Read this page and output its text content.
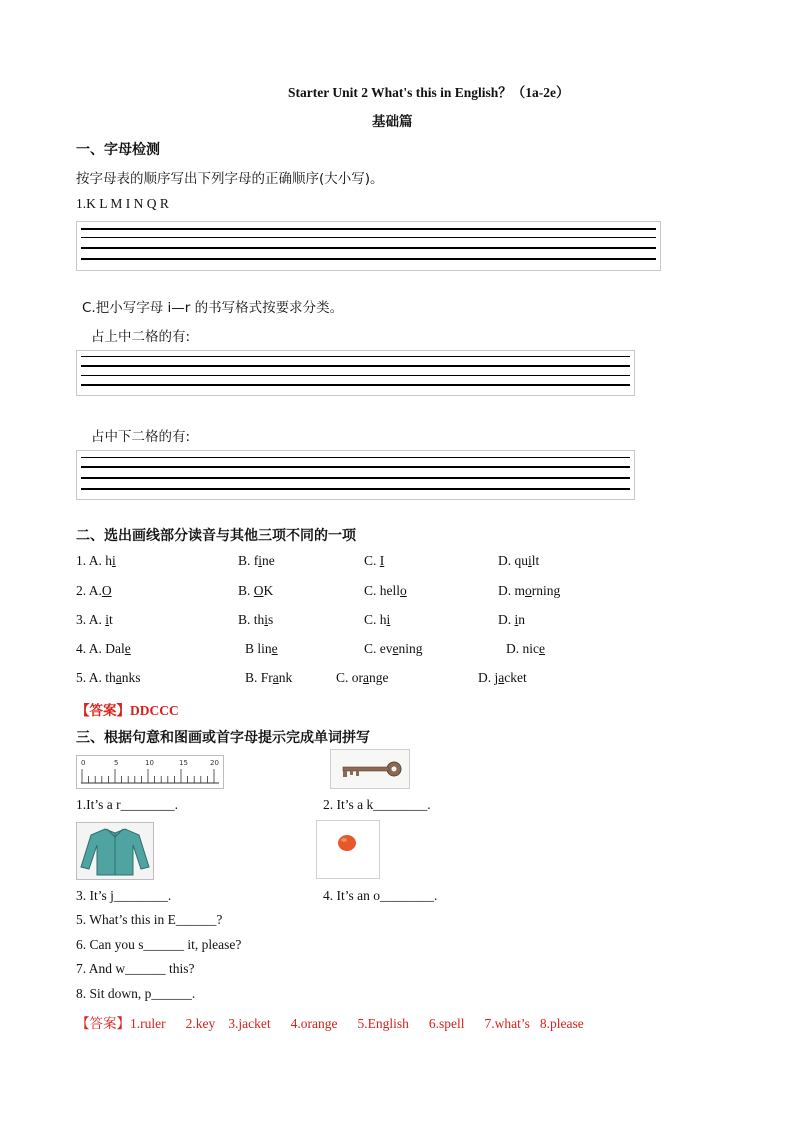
Starter Unit 2 What's this in English？（1a-2e）
基础篇
一、字母检测
按字母表的顺序写出下列字母的正确顺序(大小写)。
1.K L M I N Q R
C.把小写字母 i—r 的书写格式按要求分类。
占上中二格的有:
占中下二格的有:
二、选出画线部分读音与其他三项不同的一项
1. A. hi	B. fine	C. I	D. quilt
2. A.O	B. OK	C. hello	D. morning
3. A. it	B. this	C. hi	D. in
4. A. Dale	B line	C. evening	D. nice
5. A. thanks	B. Frank	C. orange	D. jacket
【答案】DDCCC
三、根据句意和图画或首字母提示完成单词拼写
0	5	10	15	20
1.It’s a r________.	2. It’s a k________.
3. It’s j________.	4. It’s an o________.
5. What’s this in E______?
6. Can you s______ it, please?
7. And w______ this?
8. Sit down, p______.
【答案】1.ruler 2.key 3.jacket 4.orange 5.English 6.spell 7.what’s 8.please
